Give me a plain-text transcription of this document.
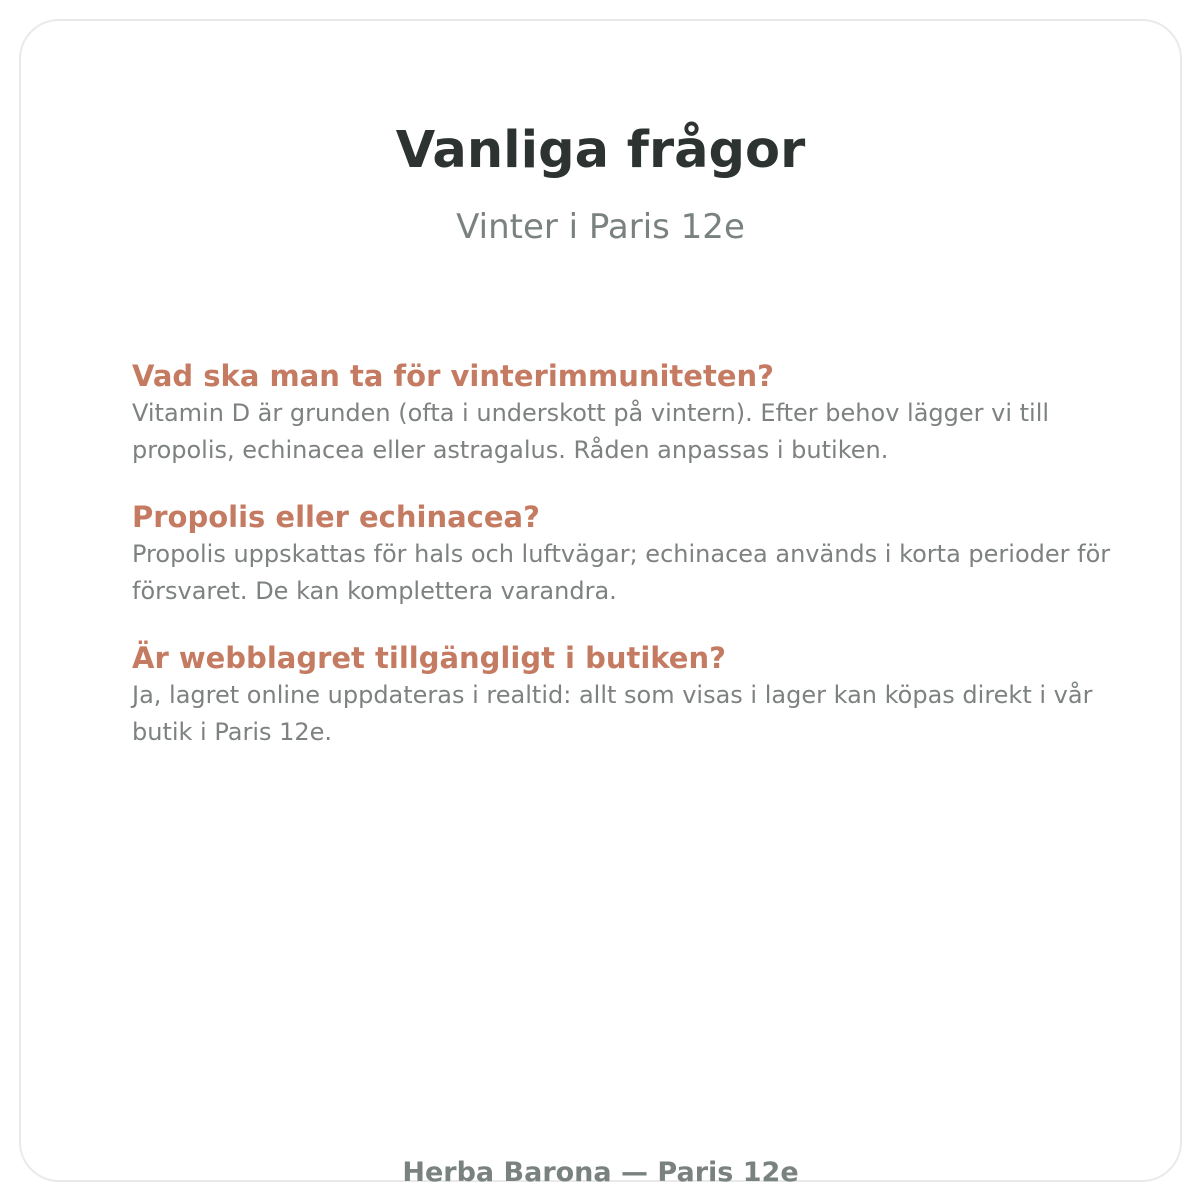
Vanliga frågor
Vinter i Paris 12e
Vad ska man ta för vinterimmuniteten?
Vitamin D är grunden (ofta i underskott på vintern). Efter behov lägger vi till propolis, echinacea eller astragalus. Råden anpassas i butiken.
Propolis eller echinacea?
Propolis uppskattas för hals och luftvägar; echinacea används i korta perioder för försvaret. De kan komplettera varandra.
Är webblagret tillgängligt i butiken?
Ja, lagret online uppdateras i realtid: allt som visas i lager kan köpas direkt i vår butik i Paris 12e.
Herba Barona — Paris 12e
